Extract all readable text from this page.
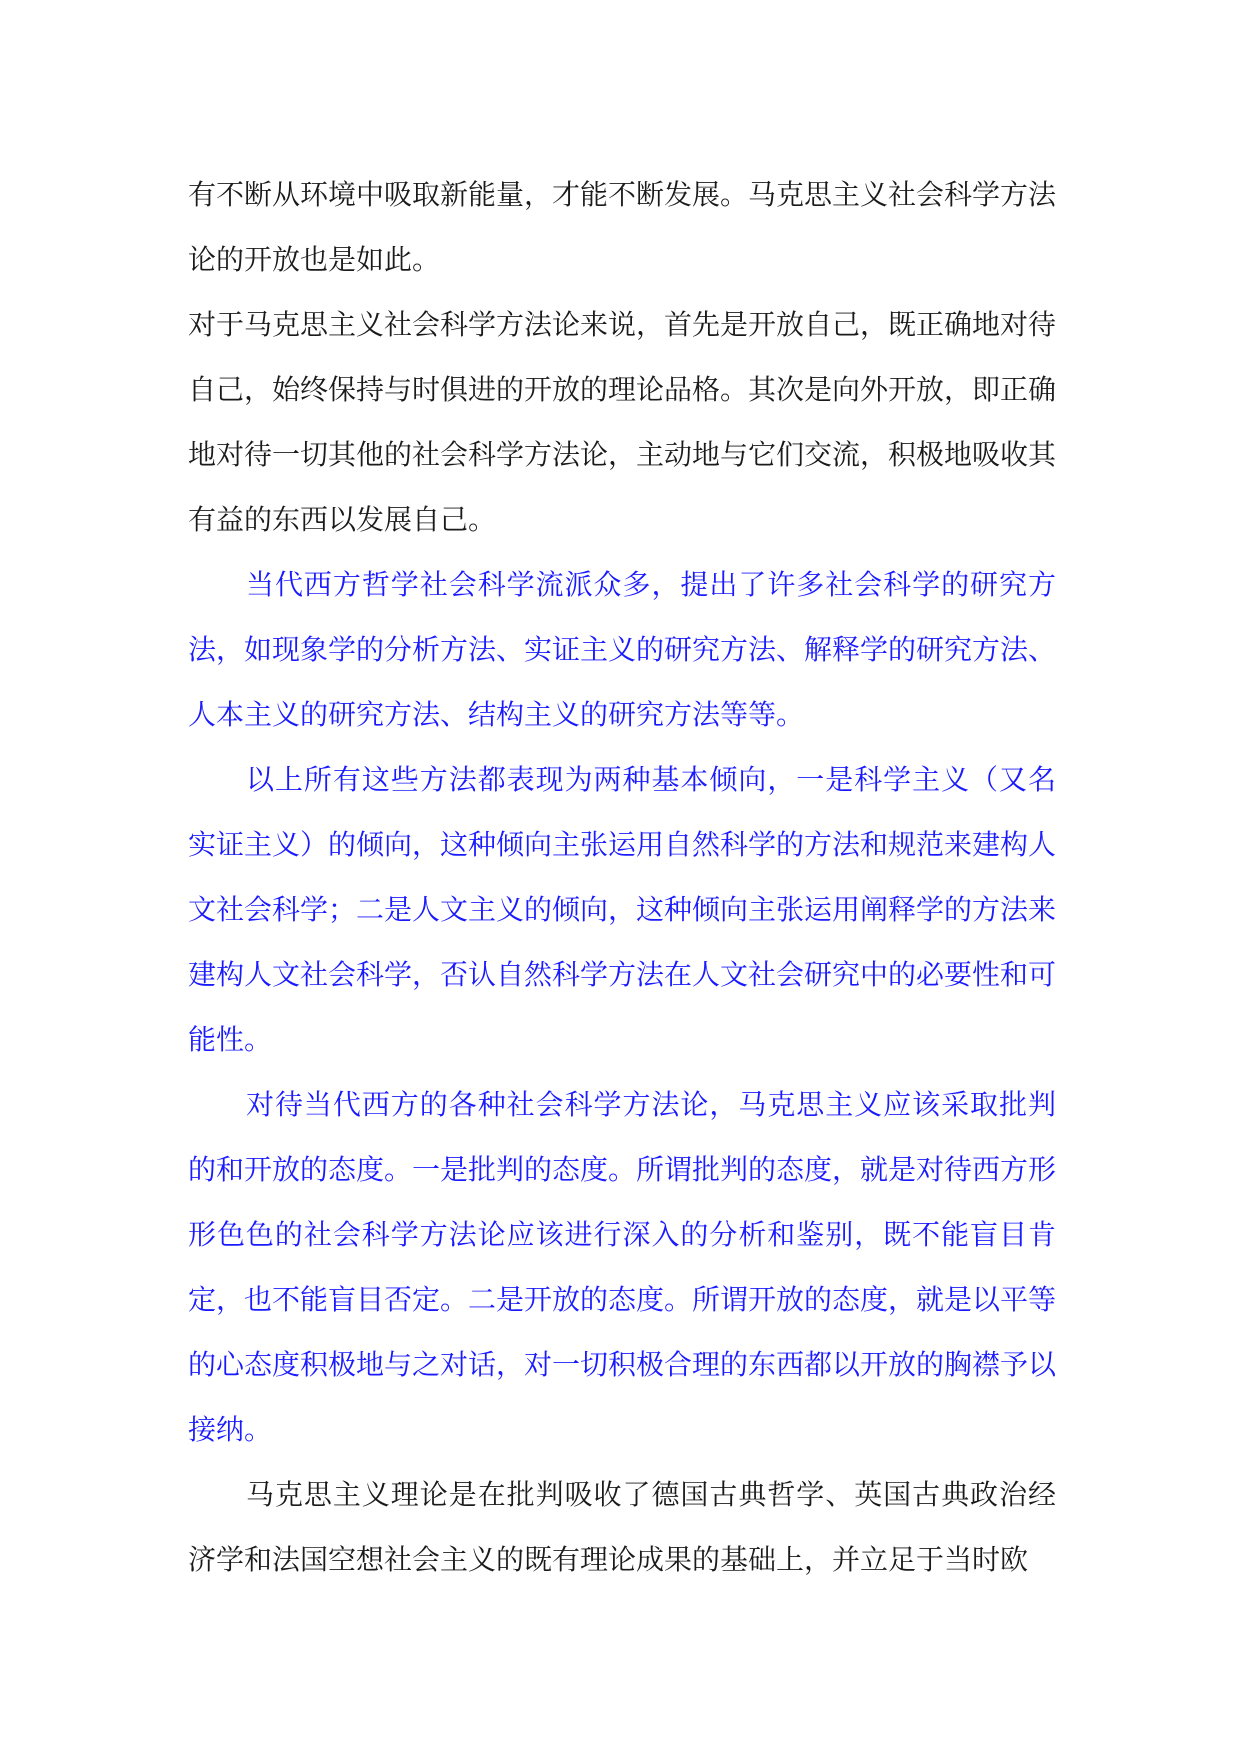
有不断从环境中吸取新能量，才能不断发展。马克思主义社会科学方法论的开放也是如此。

对于马克思主义社会科学方法论来说，首先是开放自己，既正确地对待自己，始终保持与时俱进的开放的理论品格。其次是向外开放，即正确地对待一切其他的社会科学方法论，主动地与它们交流，积极地吸收其有益的东西以发展自己。

当代西方哲学社会科学流派众多，提出了许多社会科学的研究方法，如现象学的分析方法、实证主义的研究方法、解释学的研究方法、人本主义的研究方法、结构主义的研究方法等等。

以上所有这些方法都表现为两种基本倾向，一是科学主义（又名实证主义）的倾向，这种倾向主张运用自然科学的方法和规范来建构人文社会科学；二是人文主义的倾向，这种倾向主张运用阐释学的方法来建构人文社会科学，否认自然科学方法在人文社会研究中的必要性和可能性。

对待当代西方的各种社会科学方法论，马克思主义应该采取批判的和开放的态度。一是批判的态度。所谓批判的态度，就是对待西方形形色色的社会科学方法论应该进行深入的分析和鉴别，既不能盲目肯定，也不能盲目否定。二是开放的态度。所谓开放的态度，就是以平等的心态度积极地与之对话，对一切积极合理的东西都以开放的胸襟予以接纳。

马克思主义理论是在批判吸收了德国古典哲学、英国古典政治经济学和法国空想社会主义的既有理论成果的基础上，并立足于当时欧
